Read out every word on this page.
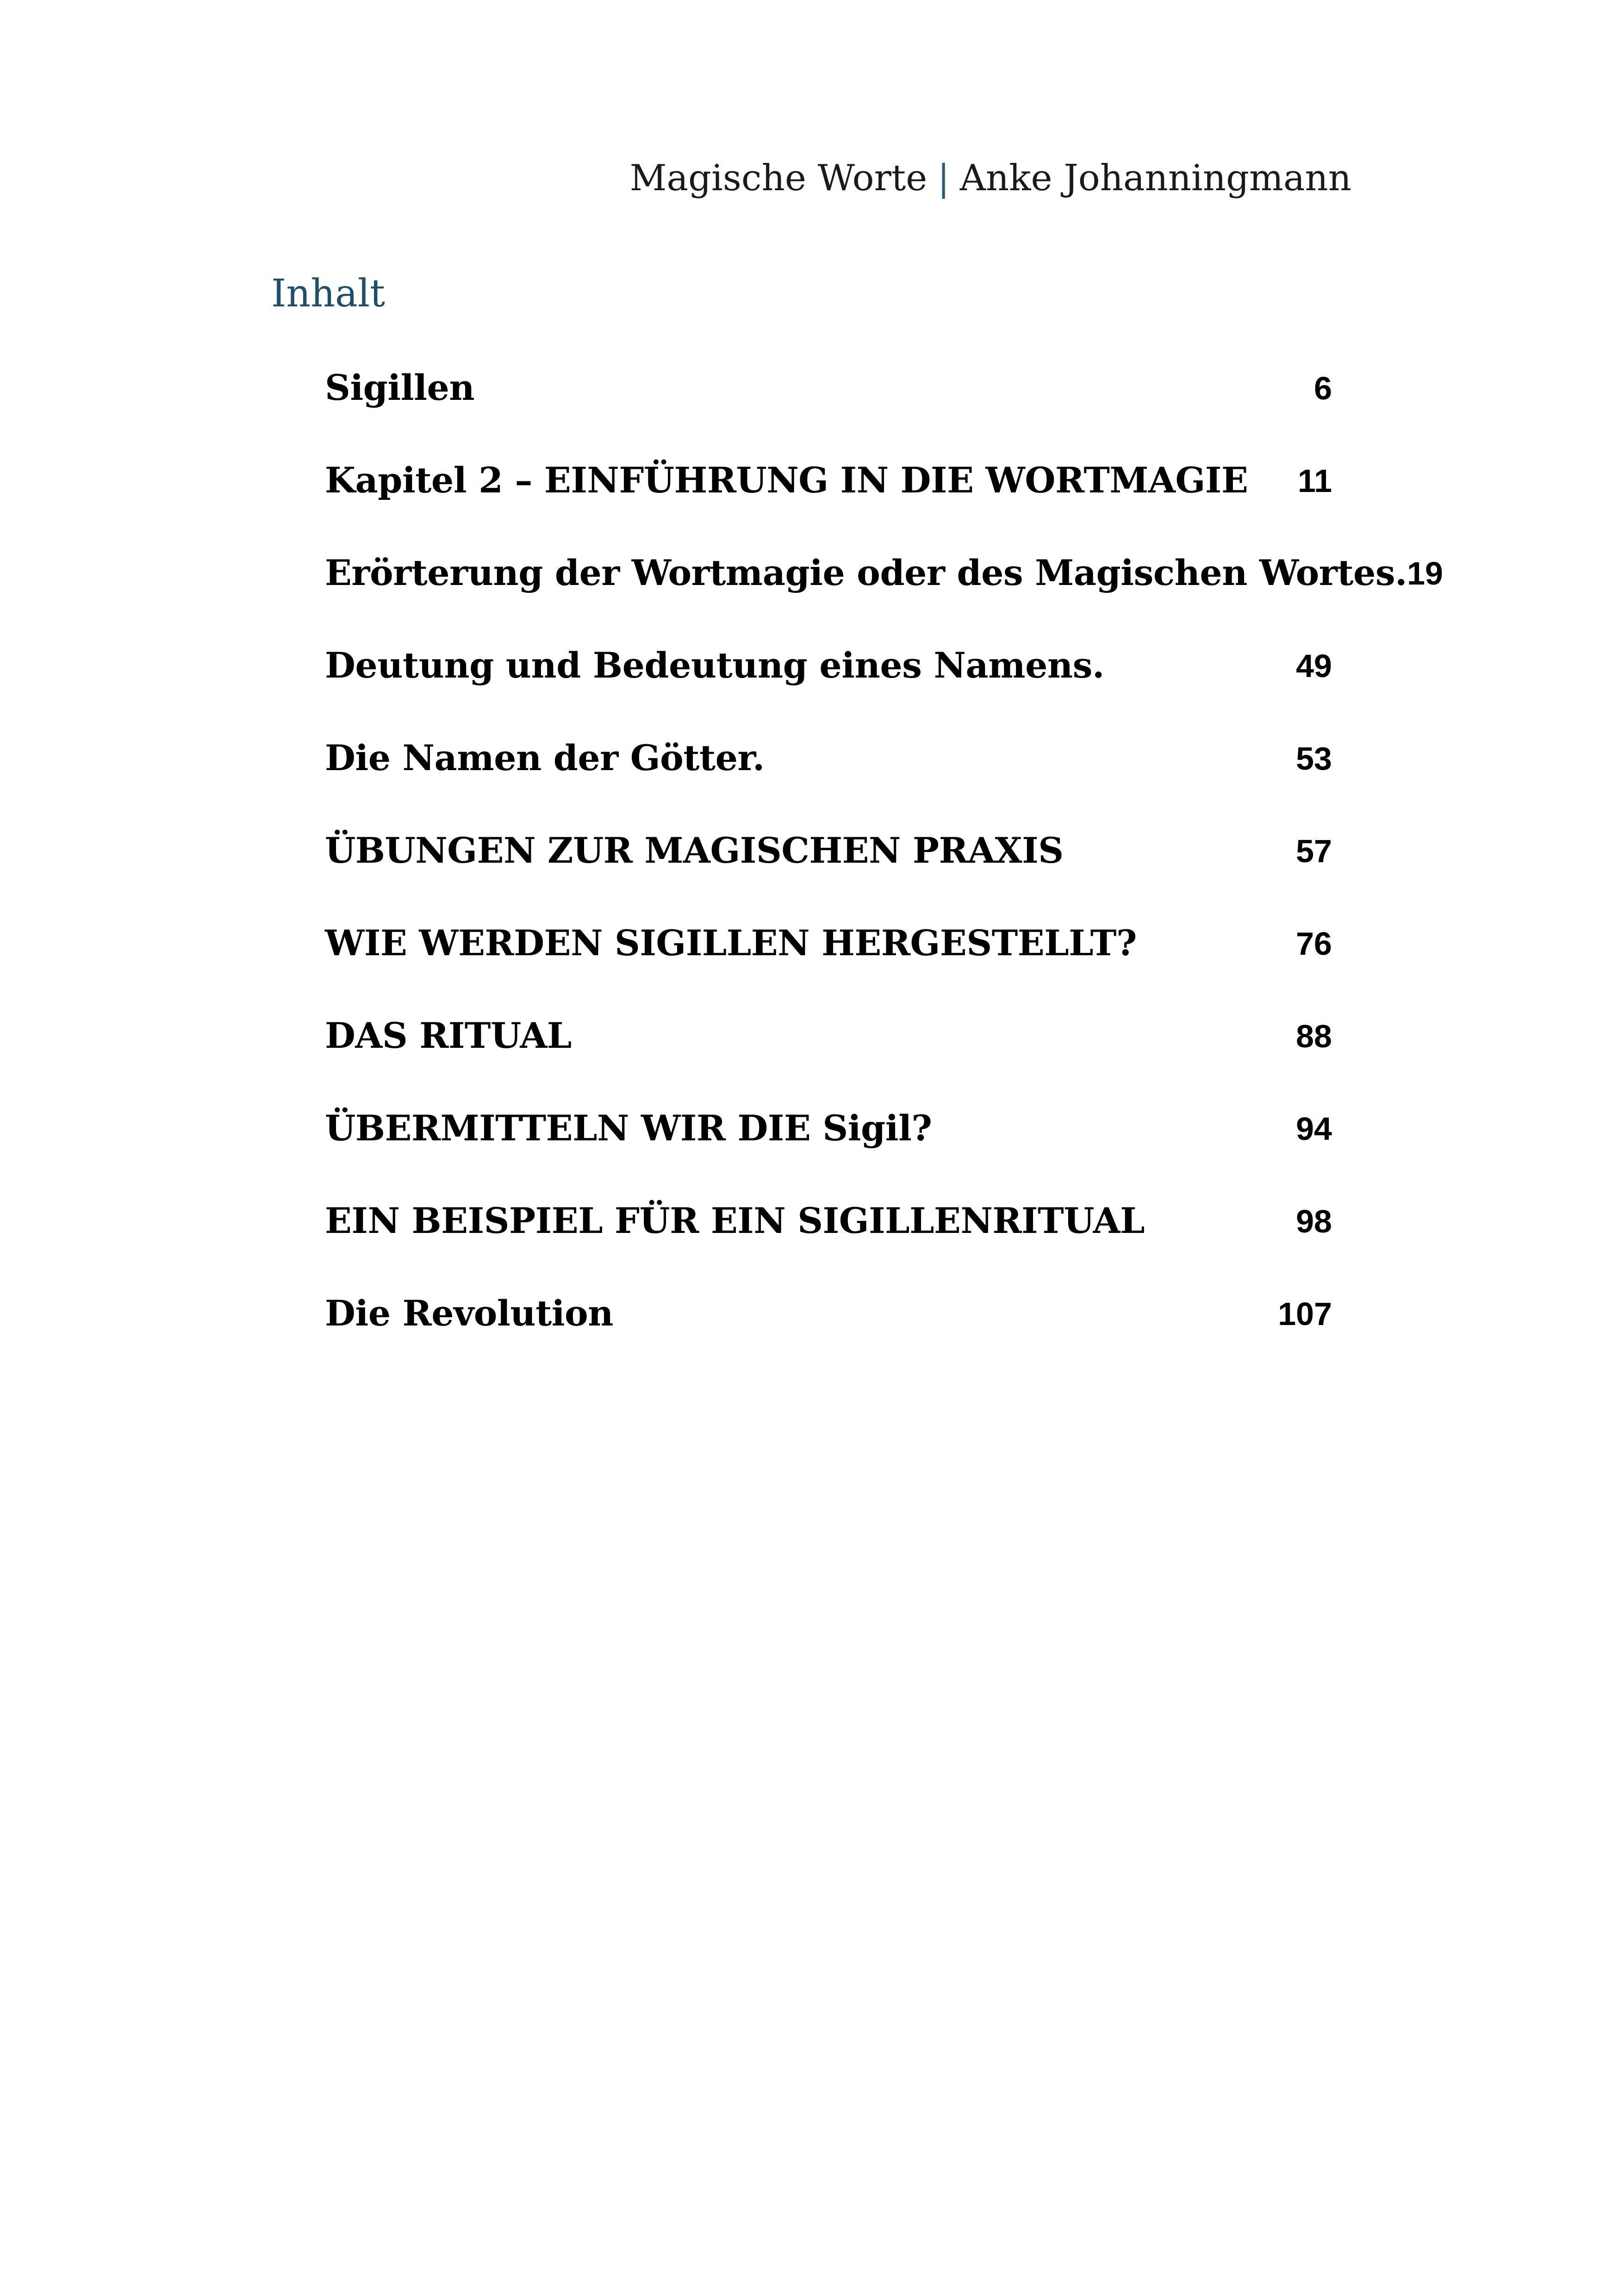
Magische Worte | Anke Johanningmann
Inhalt
Sigillen	6
Kapitel 2 – EINFÜHRUNG IN DIE WORTMAGIE 11
Erörterung der Wortmagie oder des Magischen Wortes. 19
Deutung und Bedeutung eines Namens.	49
Die Namen der Götter.	53
ÜBUNGEN ZUR MAGISCHEN PRAXIS	57
WIE WERDEN SIGILLEN HERGESTELLT?	76
DAS RITUAL	88
ÜBERMITTELN WIR DIE Sigil?	94
EIN BEISPIEL FÜR EIN SIGILLENRITUAL	98
Die Revolution	107
